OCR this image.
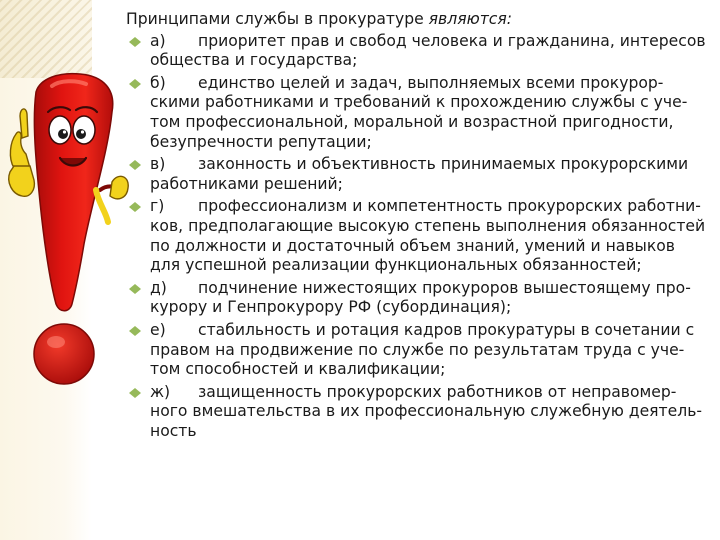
Принципами службы в прокуратуре являются:
а) приоритет прав и свобод человека и гражданина, интересов общества и государства;
б) единство целей и задач, выполняемых всеми прокурор-скими работниками и требований к прохождению службы с уче-том профессиональной, моральной и возрастной пригодности, безупречности репутации;
в) законность и объективность принимаемых прокурорскими работниками решений;
г) профессионализм и компетентность прокурорских работни-ков, предполагающие высокую степень выполнения обязанностей по должности и достаточный объем знаний, умений и навыков для успешной реализации функциональных обязанностей;
д) подчинение нижестоящих прокуроров вышестоящему про-курору и Генпрокурору РФ (субординация);
е) стабильность и ротация кадров прокуратуры в сочетании с правом на продвижение по службе по результатам труда с уче-том способностей и квалификации;
ж) защищенность прокурорских работников от неправомер-ного вмешательства в их профессиональную служебную деятель-ность
